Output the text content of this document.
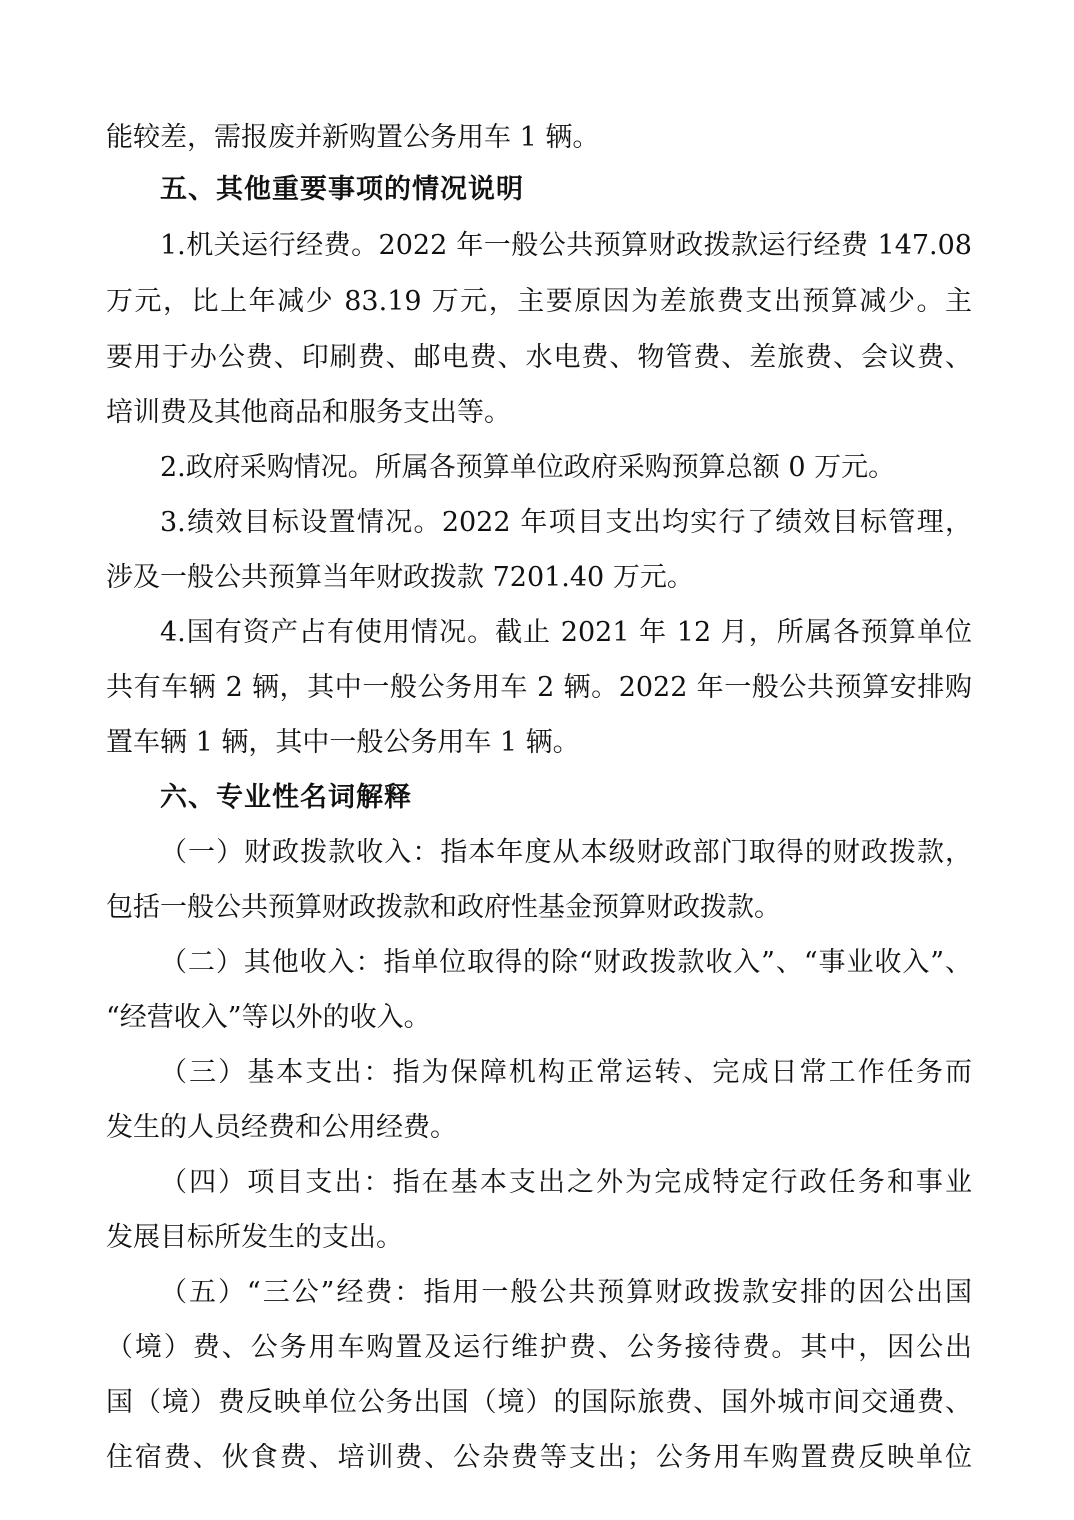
能较差，需报废并新购置公务用车 1 辆。
五、其他重要事项的情况说明
1.机关运行经费。2022 年一般公共预算财政拨款运行经费 147.08
万元，比上年减少 83.19 万元，主要原因为差旅费支出预算减少。主
要用于办公费、印刷费、邮电费、水电费、物管费、差旅费、会议费、
培训费及其他商品和服务支出等。
2.政府采购情况。所属各预算单位政府采购预算总额 0 万元。
3.绩效目标设置情况。2022 年项目支出均实行了绩效目标管理，
涉及一般公共预算当年财政拨款 7201.40 万元。
4.国有资产占有使用情况。截止 2021 年 12 月，所属各预算单位
共有车辆 2 辆，其中一般公务用车 2 辆。2022 年一般公共预算安排购
置车辆 1 辆，其中一般公务用车 1 辆。
六、专业性名词解释
（一）财政拨款收入：指本年度从本级财政部门取得的财政拨款，
包括一般公共预算财政拨款和政府性基金预算财政拨款。
（二）其他收入：指单位取得的除“财政拨款收入”、“事业收入”、
“经营收入”等以外的收入。
（三）基本支出：指为保障机构正常运转、完成日常工作任务而
发生的人员经费和公用经费。
（四）项目支出：指在基本支出之外为完成特定行政任务和事业
发展目标所发生的支出。
（五）“三公”经费：指用一般公共预算财政拨款安排的因公出国
（境）费、公务用车购置及运行维护费、公务接待费。其中，因公出
国（境）费反映单位公务出国（境）的国际旅费、国外城市间交通费、
住宿费、伙食费、培训费、公杂费等支出；公务用车购置费反映单位
